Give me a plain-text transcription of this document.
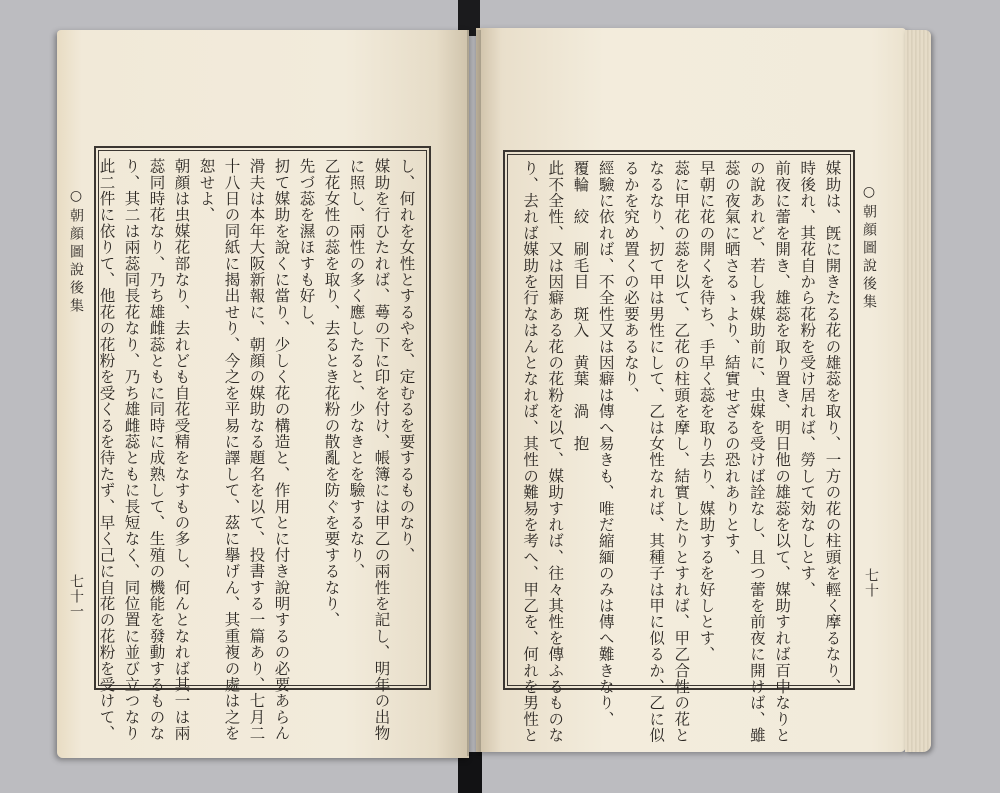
○朝顔圖說後集
七十
媒助は、旣に開きたる花の雄蕊を取り、一方の花の柱頭を輕く摩るなり、
時後れ、其花自から花粉を受け居れば、勞して効なしとす、
前夜に蕾を開き、雄蕊を取り置き、明日他の雄蕊を以て、媒助すれば百中なりと
の說あれど、若し我媒助前に、虫媒を受けば詮なし、且つ蕾を前夜に開けば、雖
蕊の夜氣に晒さるゝより、結實せざるの恐れありとす、
早朝に花の開くを待ち、手早く蕊を取り去り、媒助するを好しとす、
蕊に甲花の蕊を以て、乙花の柱頭を摩し、結實したりとすれば、甲乙合性の花と
なるなり、扨て甲は男性にして、乙は女性なれば、其種子は甲に似るか、乙に似
るかを究め置くの必要あるなり、
經驗に依れば、不全性又は因癖は傳へ易きも、唯だ縮緬のみは傳へ難きなり、
覆輪　絞　刷毛目　斑入　黄葉　渦　抱
此不全性、又は因癖ある花の花粉を以て、媒助すれば、往々其性を傳ふるものな
り、去れば媒助を行なはんとなれば、其性の難易を考へ、甲乙を、何れを男性と
○朝顔圖說後集
七十一
し、何れを女性とするやを、定むるを要するものなり、
媒助を行ひたれば、蕚の下に印を付け、帳簿には甲乙の兩性を記し、明年の出物
に照し、兩性の多く應したると、少なきとを驗するなり、
乙花女性の蕊を取り、去るとき花粉の散亂を防ぐを要するなり、
先づ蕊を濕ほすも好し、
扨て媒助を說くに當り、少しく花の構造と、作用とに付き說明するの必要あらん
滑夫は本年大阪新報に、朝顔の媒助なる題名を以て、投書する一篇あり、七月二
十八日の同紙に揭出せり、今之を平易に譯して、茲に擧げん、其重複の處は之を
恕せよ、
朝顔は虫媒花部なり、去れども自花受精をなすもの多し、何んとなれば其一は兩
蕊同時花なり、乃ち雄雌蕊ともに同時に成熟して、生殖の機能を發動するものな
り、其二は兩蕊同長花なり、乃ち雄雌蕊ともに長短なく、同位置に並び立つなり
此二件に依りて、他花の花粉を受くるを待たず、早く己に自花の花粉を受けて、
